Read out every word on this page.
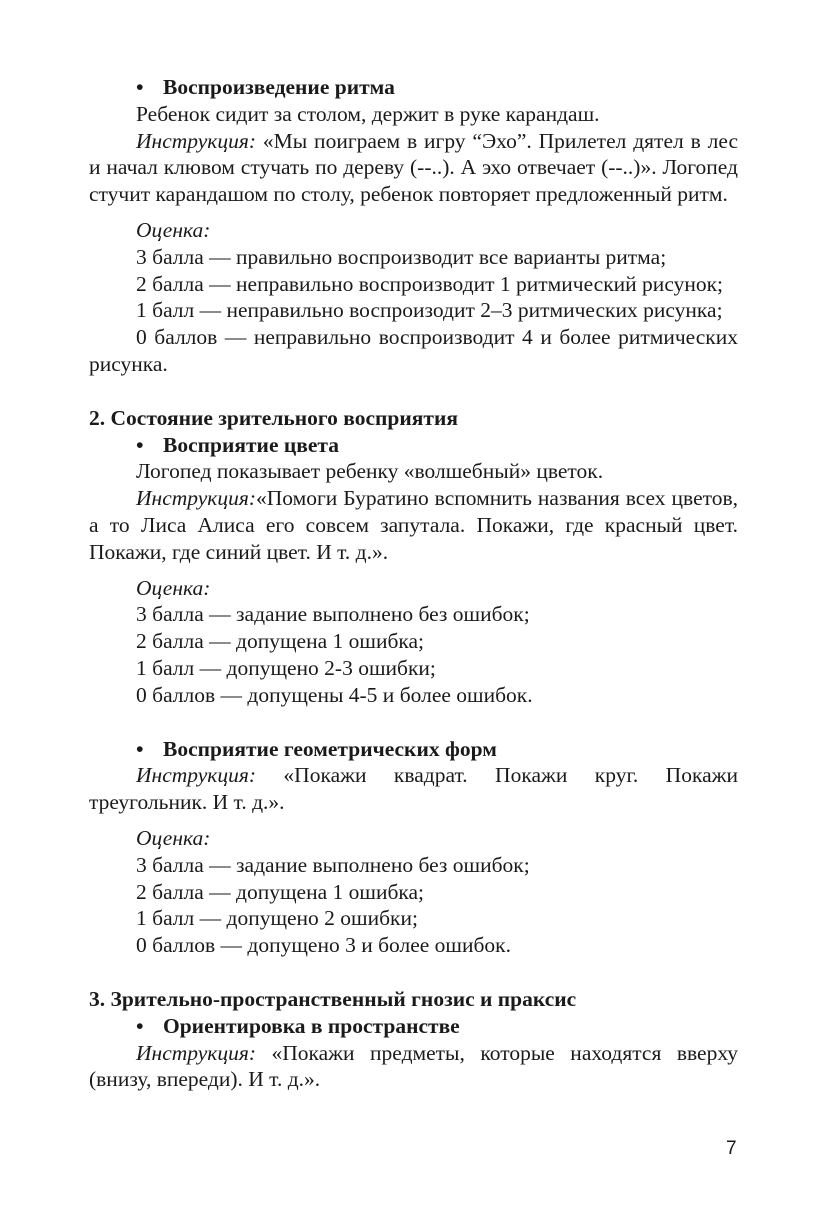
• Воспроизведение ритма
Ребенок сидит за столом, держит в руке карандаш.
Инструкция: «Мы поиграем в игру “Эхо”. Прилетел дятел в лес и начал клювом стучать по дереву (--..). А эхо отвечает (--..)». Логопед стучит карандашом по столу, ребенок повторяет предложенный ритм.
Оценка:
3 балла — правильно воспроизводит все варианты ритма;
2 балла — неправильно воспроизводит 1 ритмический рисунок;
1 балл — неправильно воспроизодит 2–3 ритмических рисунка;
0 баллов — неправильно воспроизводит 4 и более ритмических рисунка.
2. Состояние зрительного восприятия
• Восприятие цвета
Логопед показывает ребенку «волшебный» цветок.
Инструкция:«Помоги Буратино вспомнить названия всех цветов, а то Лиса Алиса его совсем запутала. Покажи, где красный цвет. Покажи, где синий цвет. И т. д.».
Оценка:
3 балла — задание выполнено без ошибок;
2 балла — допущена 1 ошибка;
1 балл — допущено 2-3 ошибки;
0 баллов — допущены 4-5 и более ошибок.
• Восприятие геометрических форм
Инструкция: «Покажи квадрат. Покажи круг. Покажи треугольник. И т. д.».
Оценка:
3 балла — задание выполнено без ошибок;
2 балла — допущена 1 ошибка;
1 балл — допущено 2 ошибки;
0 баллов — допущено 3 и более ошибок.
3. Зрительно-пространственный гнозис и праксис
• Ориентировка в пространстве
Инструкция: «Покажи предметы, которые находятся вверху (внизу, впереди). И т. д.».
7
